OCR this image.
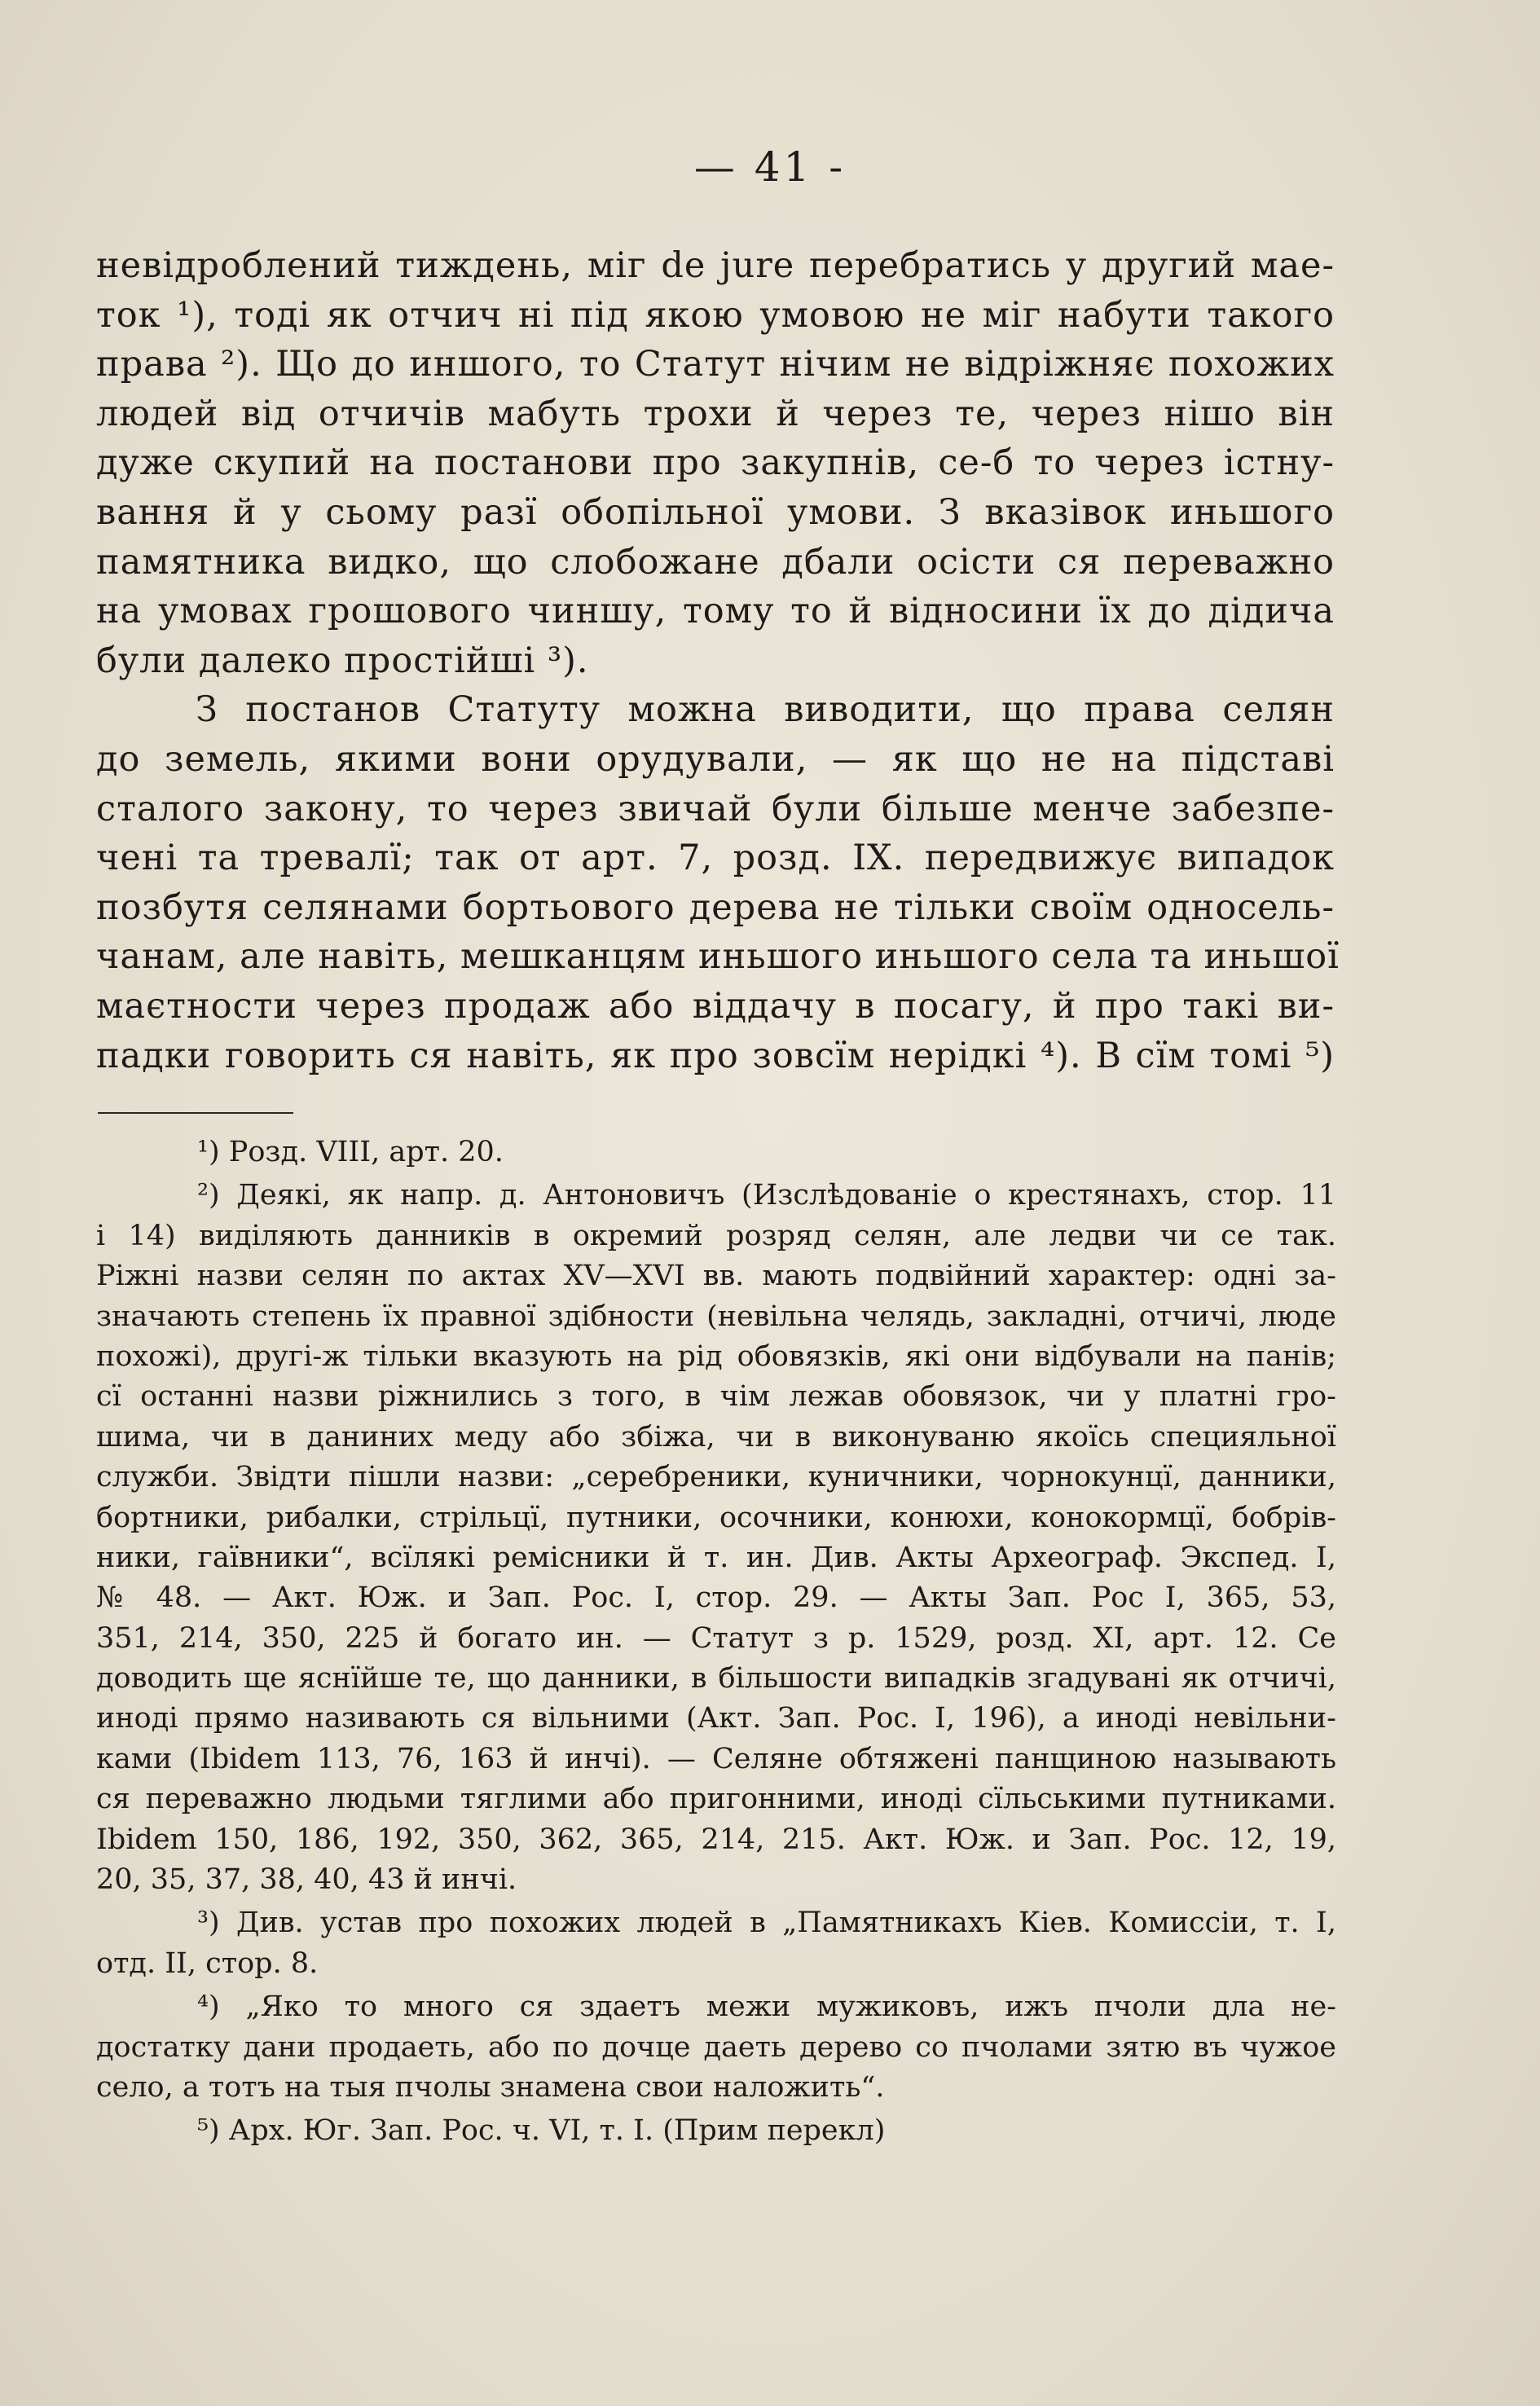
— 41 -
невідроблений тиждень, міг de jure перебратись у другий мае-
ток ¹), тоді як отчич ні під якою умовою не міг набути такого
права ²). Що до иншого, то Статут нічим не відріжняє похожих
людей від отчичів мабуть трохи й через те, через нішо він
дуже скупий на постанови про закупнів, се-б то через істну-
вання й у сьому разї обопільної умови. З вказівок иньшого
памятника видко, що слобожане дбали осісти ся переважно
на умовах грошового чиншу, тому то й відносини їх до дідича
були далеко простійші ³).
З постанов Статуту можна виводити, що права селян
до земель, якими вони орудували, — як що не на підставі
сталого закону, то через звичай були більше менче забезпе-
чені та тревалї; так от арт. 7, розд. IX. передвижує випадок
позбутя селянами бортьового дерева не тільки своїм односель-
чанам, але навіть, мешканцям иньшого иньшого села та иньшої
маєтности через продаж або віддачу в посагу, й про такі ви-
падки говорить ся навіть, як про зовсїм нерідкі ⁴). В сїм томі ⁵)
¹) Розд. VIII, арт. 20.
²) Деякі, як напр. д. Антоновичъ (Изслѣдованіе о крестянахъ, стор. 11
і 14) виділяють данників в окремий розряд селян, але ледви чи се так.
Ріжні назви селян по актах XV—XVI вв. мають подвійний характер: одні за-
значають степень їх правної здібности (невільна челядь, закладні, отчичі, люде
похожі), другі-ж тільки вказують на рід обовязків, які они відбували на панів;
сї останні назви ріжнились з того, в чім лежав обовязок, чи у платні гро-
шима, чи в даниних меду або збіжа, чи в виконуваню якоїсь специяльної
служби. Звідти пішли назви: „серебреники, куничники, чорнокунцї, данники,
бортники, рибалки, стрільцї, путники, осочники, конюхи, конокормцї, бобрів-
ники, гаївники“, всїлякі ремісники й т. ин. Див. Акты Археограф. Экспед. I,
№ 48. — Акт. Юж. и Зап. Рос. I, стор. 29. — Акты Зап. Рос I, 365, 53,
351, 214, 350, 225 й богато ин. — Статут з р. 1529, розд. XI, арт. 12. Се
доводить ще яснїйше те, що данники, в більшости випадків згадувані як отчичі,
иноді прямо називають ся вільними (Акт. Зап. Рос. I, 196), а иноді невільни-
ками (Ibidem 113, 76, 163 й инчі). — Селяне обтяжені панщиною называють
ся переважно людьми тяглими або пригонними, иноді сїльськими путниками.
Ibidem 150, 186, 192, 350, 362, 365, 214, 215. Акт. Юж. и Зап. Рос. 12, 19,
20, 35, 37, 38, 40, 43 й инчі.
³) Див. устав про похожих людей в „Памятникахъ Кіев. Комиссіи, т. I,
отд. II, стор. 8.
⁴) „Яко то много ся здаетъ межи мужиковъ, ижъ пчоли дла не-
достатку дани продаеть, або по дочце даеть дерево со пчолами зятю въ чужое
село, а тотъ на тыя пчолы знамена свои наложить“.
⁵) Арх. Юг. Зап. Рос. ч. VI, т. I. (Прим перекл)
